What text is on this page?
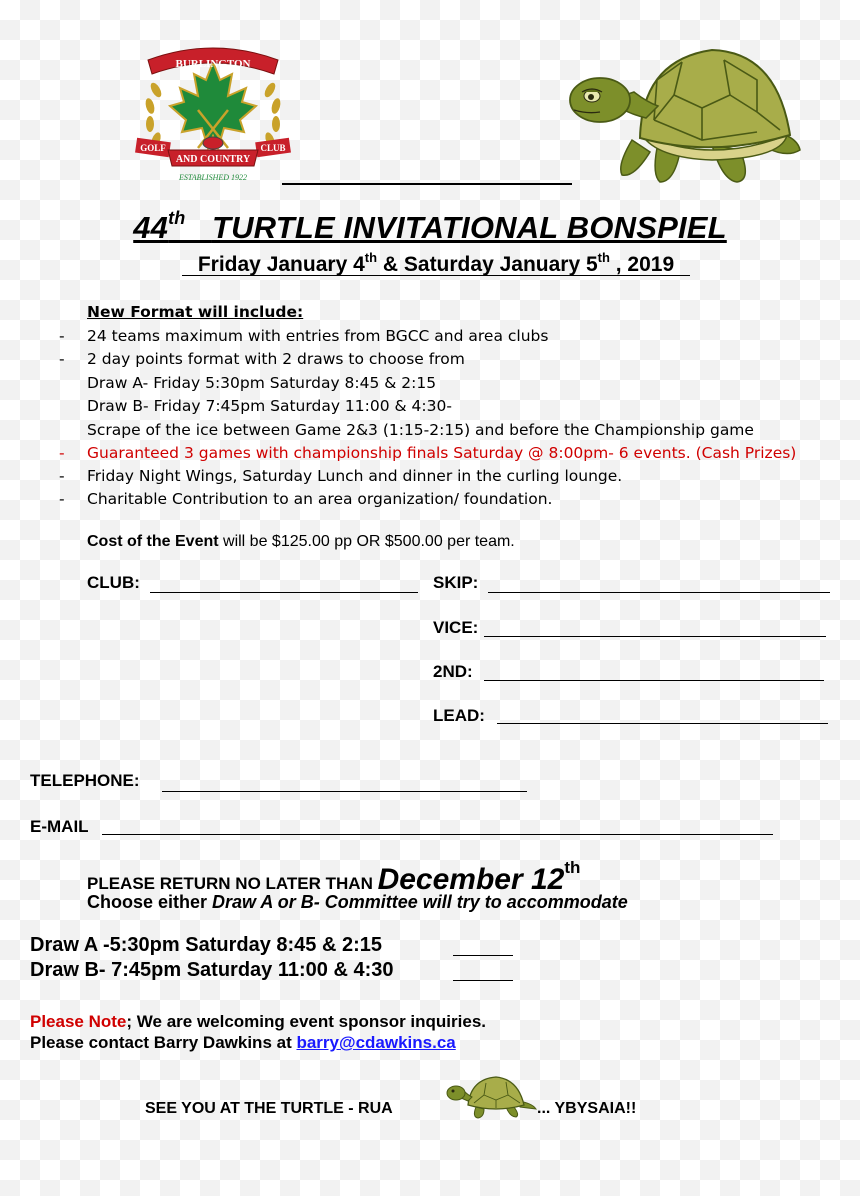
BURLINGTON
GOLF	CLUB
AND COUNTRY
ESTABLISHED 1922
44th TURTLE INVITATIONAL BONSPIEL
Friday January 4th & Saturday January 5th , 2019
New Format will include:
- 24 teams maximum with entries from BGCC and area clubs
- 2 day points format with 2 draws to choose from
Draw A- Friday 5:30pm Saturday 8:45 & 2:15
Draw B- Friday 7:45pm Saturday 11:00 & 4:30-
Scrape of the ice between Game 2&3 (1:15-2:15) and before the Championship game
- Guaranteed 3 games with championship finals Saturday @ 8:00pm- 6 events. (Cash Prizes)
- Friday Night Wings, Saturday Lunch and dinner in the curling lounge.
- Charitable Contribution to an area organization/ foundation.
Cost of the Event will be $125.00 pp OR $500.00 per team.
CLUB:	SKIP:
VICE:
2ND:
LEAD:
TELEPHONE:
E-MAIL
PLEASE RETURN NO LATER THAN December 12th
Choose either Draw A or B- Committee will try to accommodate
Draw A -5:30pm Saturday 8:45 & 2:15
Draw B- 7:45pm Saturday 11:00 & 4:30
Please Note; We are welcoming event sponsor inquiries.
Please contact Barry Dawkins at barry@cdawkins.ca
SEE YOU AT THE TURTLE - RUA	... YBYSAIA!!
